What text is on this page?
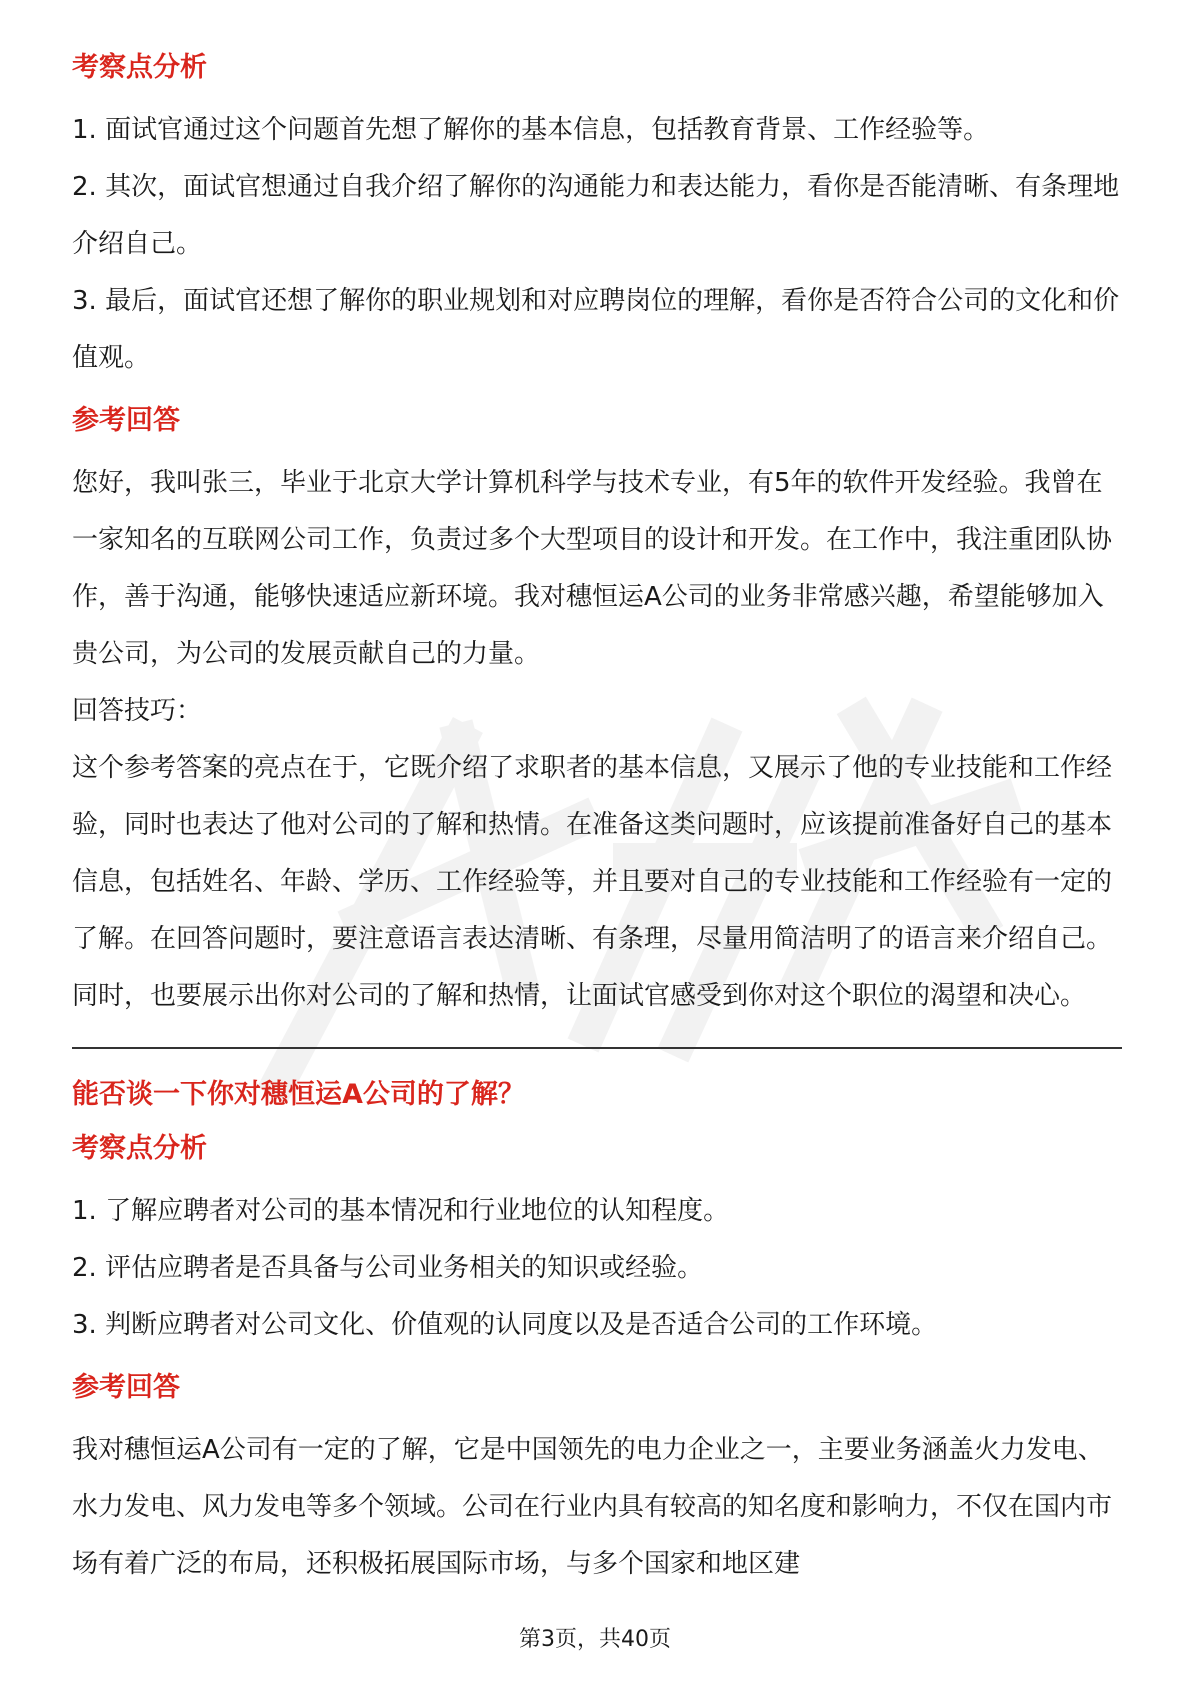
考察点分析

1. 面试官通过这个问题首先想了解你的基本信息，包括教育背景、工作经验等。

2. 其次，面试官想通过自我介绍了解你的沟通能力和表达能力，看你是否能清晰、有条理地介绍自己。

3. 最后，面试官还想了解你的职业规划和对应聘岗位的理解，看你是否符合公司的文化和价值观。

参考回答

您好，我叫张三，毕业于北京大学计算机科学与技术专业，有5年的软件开发经验。我曾在一家知名的互联网公司工作，负责过多个大型项目的设计和开发。在工作中，我注重团队协作，善于沟通，能够快速适应新环境。我对穗恒运A公司的业务非常感兴趣，希望能够加入贵公司，为公司的发展贡献自己的力量。

回答技巧：

这个参考答案的亮点在于，它既介绍了求职者的基本信息，又展示了他的专业技能和工作经验，同时也表达了他对公司的了解和热情。在准备这类问题时，应该提前准备好自己的基本信息，包括姓名、年龄、学历、工作经验等，并且要对自己的专业技能和工作经验有一定的了解。在回答问题时，要注意语言表达清晰、有条理，尽量用简洁明了的语言来介绍自己。同时，也要展示出你对公司的了解和热情，让面试官感受到你对这个职位的渴望和决心。

能否谈一下你对穗恒运A公司的了解？
考察点分析

1. 了解应聘者对公司的基本情况和行业地位的认知程度。

2. 评估应聘者是否具备与公司业务相关的知识或经验。

3. 判断应聘者对公司文化、价值观的认同度以及是否适合公司的工作环境。

参考回答

我对穗恒运A公司有一定的了解，它是中国领先的电力企业之一，主要业务涵盖火力发电、水力发电、风力发电等多个领域。公司在行业内具有较高的知名度和影响力，不仅在国内市场有着广泛的布局，还积极拓展国际市场，与多个国家和地区建

第3页，共40页
